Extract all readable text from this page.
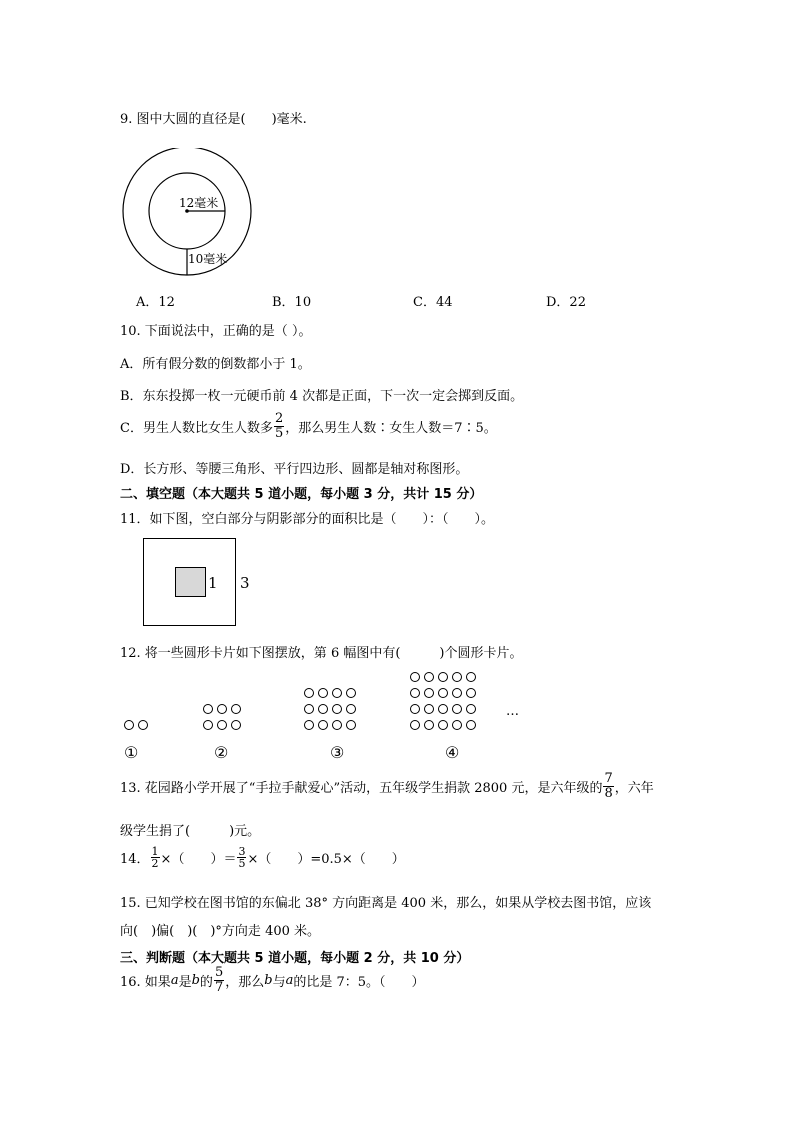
9. 图中大圆的直径是(　　)毫米.
12毫米
10毫米
A．12	B．10	C．44	D．22
10. 下面说法中，正确的是（ ）。
A．所有假分数的倒数都小于 1。
B．东东投掷一枚一元硬币前 4 次都是正面，下一次一定会掷到反面。
C．男生人数比女生人数多 $\frac{2}{5}$ ，那么男生人数∶女生人数＝7∶5。
D．长方形、等腰三角形、平行四边形、圆都是轴对称图形。
二、填空题（本大题共 5 道小题，每小题 3 分，共计 15 分）
11．如下图，空白部分与阴影部分的面积比是（　　）：（　　）。
1 3
12. 将一些圆形卡片如下图摆放，第 6 幅图中有(　　　)个圆形卡片。
…
①	②	③	④
13. 花园路小学开展了“手拉手献爱心”活动，五年级学生捐款 2800 元，是六年级的 $\frac{7}{8}$ ，六年
级学生捐了(　　　)元。
14． $\frac{1}{2}$ ×（　　）＝ $\frac{3}{5}$ ×（　　）=0.5×（　　）
15. 已知学校在图书馆的东偏北 38° 方向距离是 400 米，那么，如果从学校去图书馆，应该
向(　)偏(　)(　)°方向走 400 米。
三、判断题（本大题共 5 道小题，每小题 2 分，共 10 分）
16. 如果 a 是 b 的 $\frac{5}{7}$ ，那么 b 与 a 的比是 7：5。（　　）
